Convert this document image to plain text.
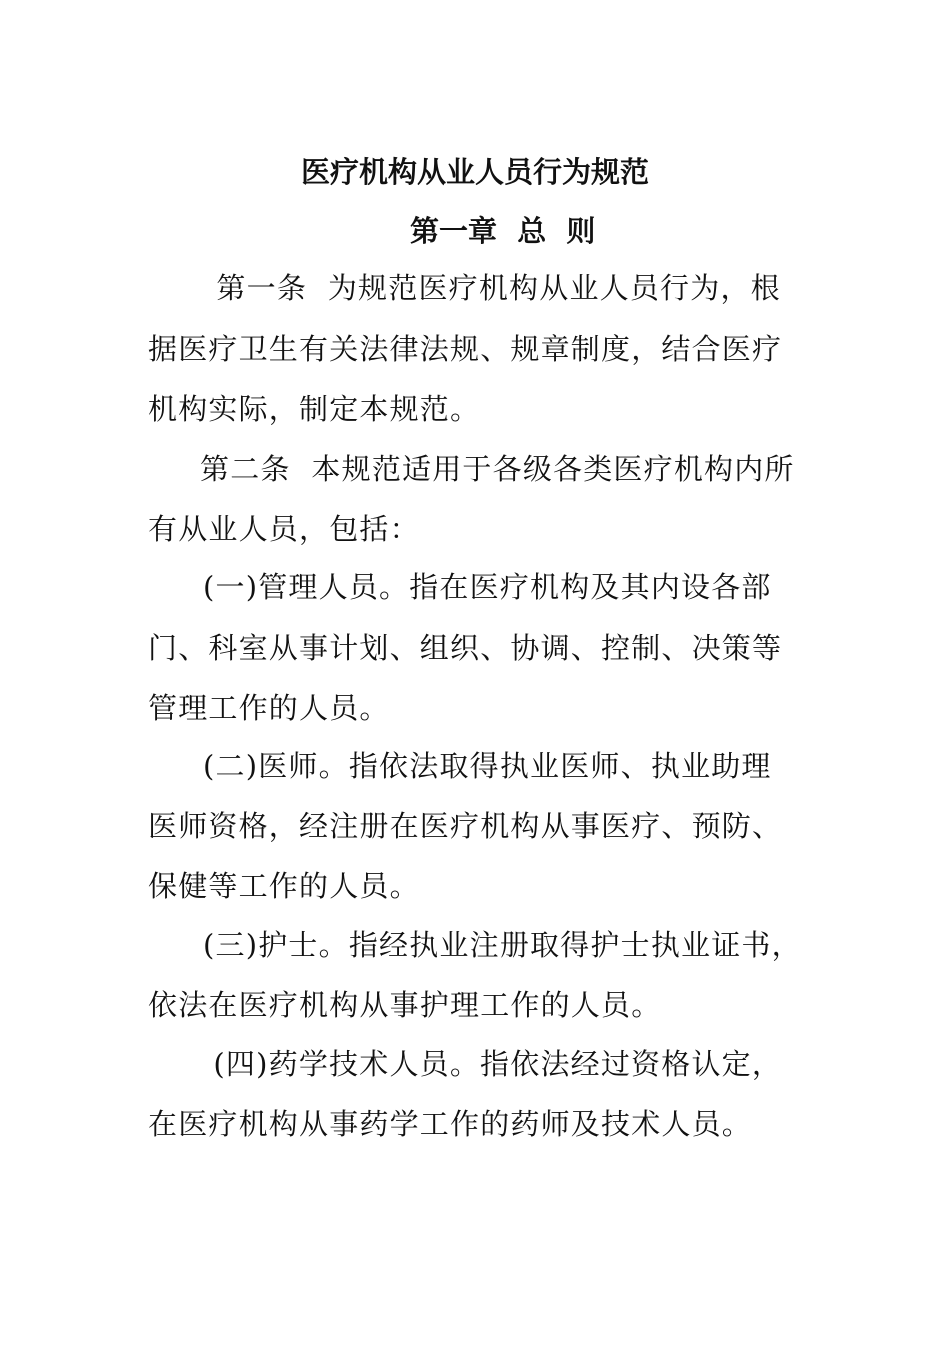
医疗机构从业人员行为规范
第一章  总  则
第一条  为规范医疗机构从业人员行为，根
据医疗卫生有关法律法规、规章制度，结合医疗
机构实际，制定本规范。
第二条  本规范适用于各级各类医疗机构内所
有从业人员，包括：
(一)管理人员。指在医疗机构及其内设各部
门、科室从事计划、组织、协调、控制、决策等
管理工作的人员。
(二)医师。指依法取得执业医师、执业助理
医师资格，经注册在医疗机构从事医疗、预防、
保健等工作的人员。
(三)护士。指经执业注册取得护士执业证书，
依法在医疗机构从事护理工作的人员。
(四)药学技术人员。指依法经过资格认定，
在医疗机构从事药学工作的药师及技术人员。
